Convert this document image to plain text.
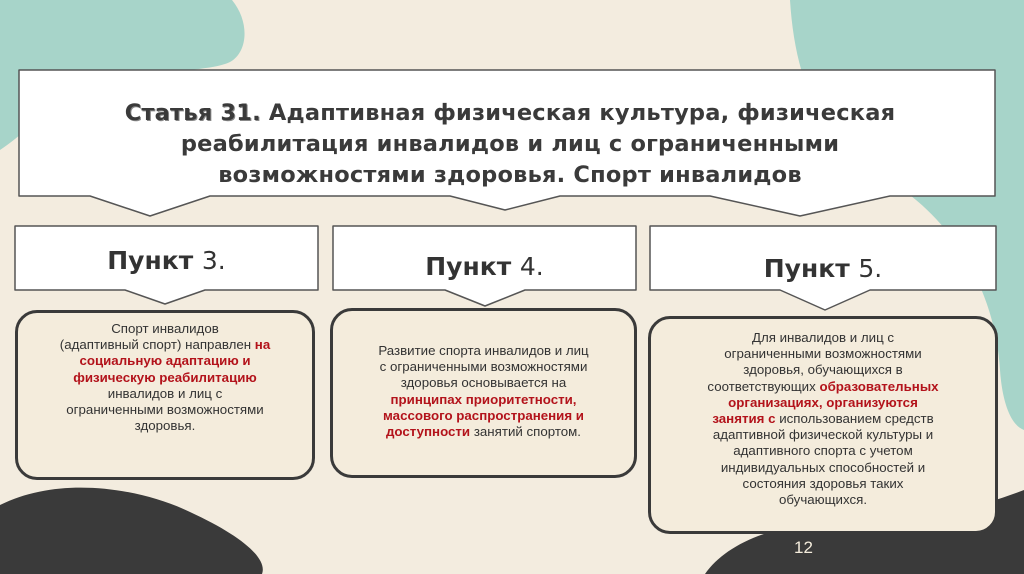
Статья 31. Адаптивная физическая культура, физическая
реабилитация инвалидов и лиц с ограниченными
возможностями здоровья. Спорт инвалидов
Пункт 3.	Пункт 4.	Пункт 5.
Спорт инвалидов
(адаптивный спорт) направлен на
социальную адаптацию и
физическую реабилитацию
инвалидов и лиц с
ограниченными возможностями
здоровья.
Развитие спорта инвалидов и лиц
с ограниченными возможностями
здоровья основывается на
принципах приоритетности,
массового распространения и
доступности занятий спортом.
Для инвалидов и лиц с
ограниченными возможностями
здоровья, обучающихся в
соответствующих образовательных
организациях, организуются
занятия с использованием средств
адаптивной физической культуры и
адаптивного спорта с учетом
индивидуальных способностей и
состояния здоровья таких
обучающихся.
12
